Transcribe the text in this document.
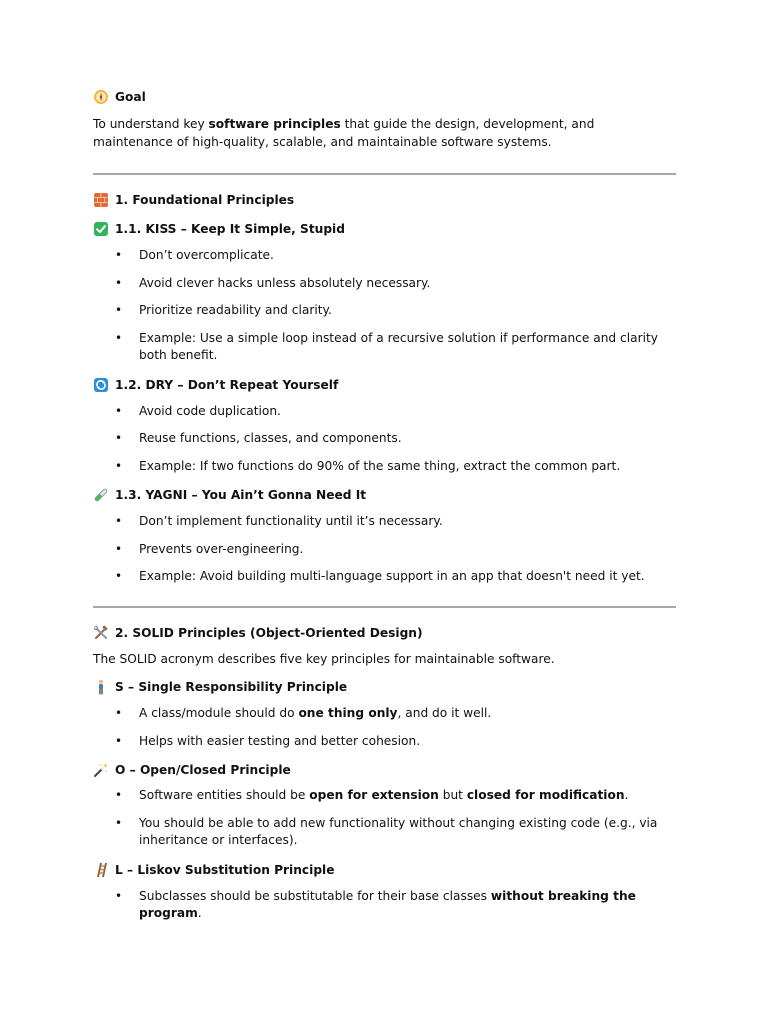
Goal

To understand key software principles that guide the design, development, and maintenance of high-quality, scalable, and maintainable software systems.

1. Foundational Principles
1.1. KISS – Keep It Simple, Stupid
• Don’t overcomplicate.
• Avoid clever hacks unless absolutely necessary.
• Prioritize readability and clarity.
• Example: Use a simple loop instead of a recursive solution if performance and clarity both benefit.
1.2. DRY – Don’t Repeat Yourself
• Avoid code duplication.
• Reuse functions, classes, and components.
• Example: If two functions do 90% of the same thing, extract the common part.
1.3. YAGNI – You Ain’t Gonna Need It
• Don’t implement functionality until it’s necessary.
• Prevents over-engineering.
• Example: Avoid building multi-language support in an app that doesn't need it yet.
2. SOLID Principles (Object-Oriented Design)

The SOLID acronym describes five key principles for maintainable software.

S – Single Responsibility Principle
• A class/module should do one thing only, and do it well.
• Helps with easier testing and better cohesion.
O – Open/Closed Principle
• Software entities should be open for extension but closed for modification.
• You should be able to add new functionality without changing existing code (e.g., via inheritance or interfaces).
L – Liskov Substitution Principle
• Subclasses should be substitutable for their base classes without breaking the program.
